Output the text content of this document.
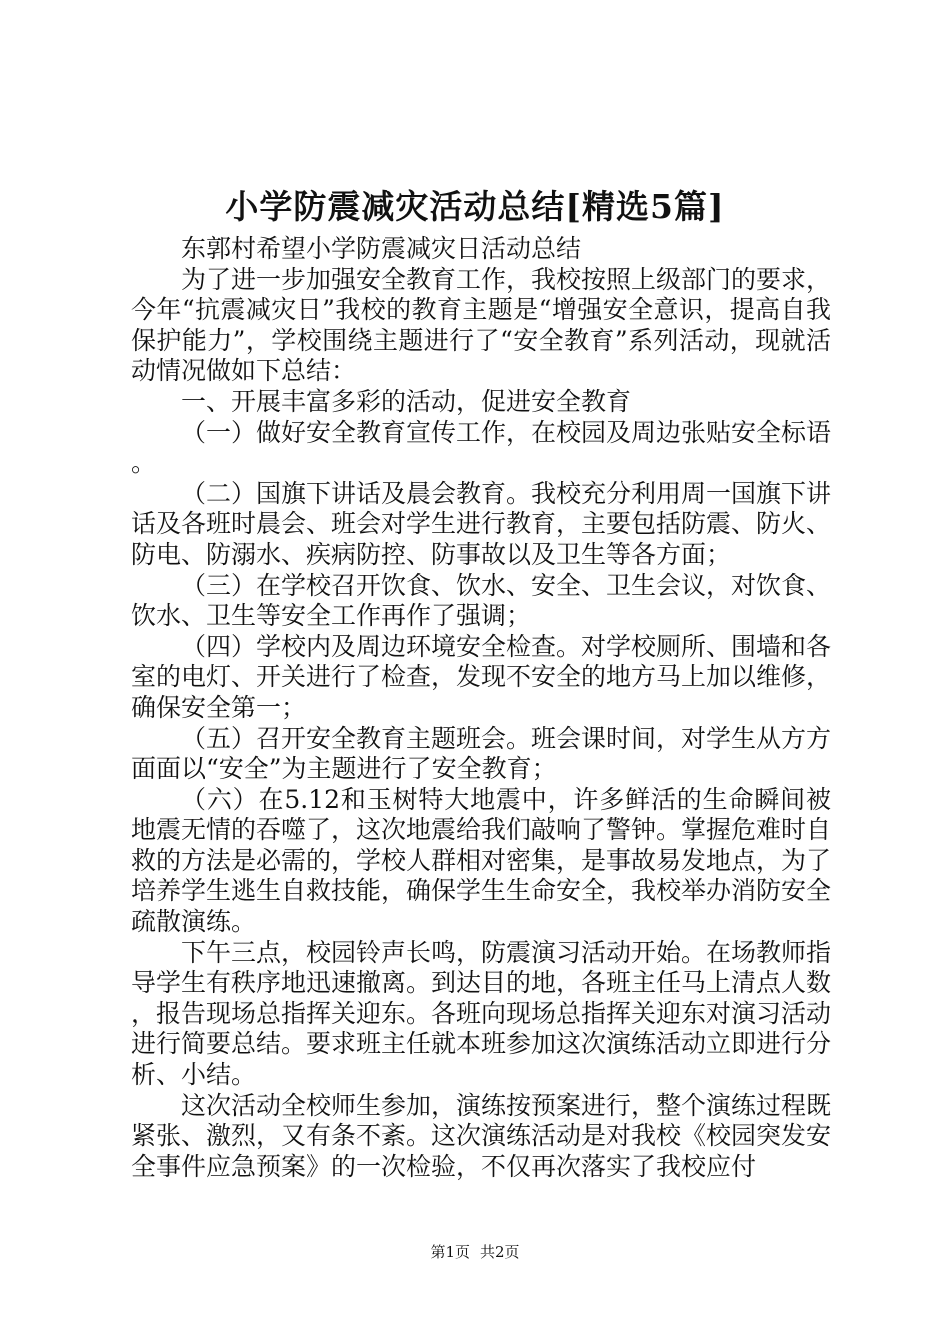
小学防震减灾活动总结[精选5篇]

东郭村希望小学防震减灾日活动总结

为了进一步加强安全教育工作，我校按照上级部门的要求，今年“抗震减灾日”我校的教育主题是“增强安全意识，提高自我保护能力”，学校围绕主题进行了“安全教育”系列活动，现就活动情况做如下总结：

一、开展丰富多彩的活动，促进安全教育

（一）做好安全教育宣传工作，在校园及周边张贴安全标语。

（二）国旗下讲话及晨会教育。我校充分利用周一国旗下讲话及各班时晨会、班会对学生进行教育，主要包括防震、防火、防电、防溺水、疾病防控、防事故以及卫生等各方面；

（三）在学校召开饮食、饮水、安全、卫生会议，对饮食、饮水、卫生等安全工作再作了强调；

（四）学校内及周边环境安全检查。对学校厕所、围墙和各室的电灯、开关进行了检查，发现不安全的地方马上加以维修，确保安全第一；

（五）召开安全教育主题班会。班会课时间，对学生从方方面面以“安全”为主题进行了安全教育；

（六）在5.12和玉树特大地震中，许多鲜活的生命瞬间被地震无情的吞噬了，这次地震给我们敲响了警钟。掌握危难时自救的方法是必需的，学校人群相对密集，是事故易发地点，为了培养学生逃生自救技能，确保学生生命安全，我校举办消防安全疏散演练。

下午三点，校园铃声长鸣，防震演习活动开始。在场教师指导学生有秩序地迅速撤离。到达目的地，各班主任马上清点人数，报告现场总指挥关迎东。各班向现场总指挥关迎东对演习活动进行简要总结。要求班主任就本班参加这次演练活动立即进行分析、小结。

这次活动全校师生参加，演练按预案进行，整个演练过程既紧张、激烈，又有条不紊。这次演练活动是对我校《校园突发安全事件应急预案》的一次检验，不仅再次落实了我校应付

第1页 共2页
